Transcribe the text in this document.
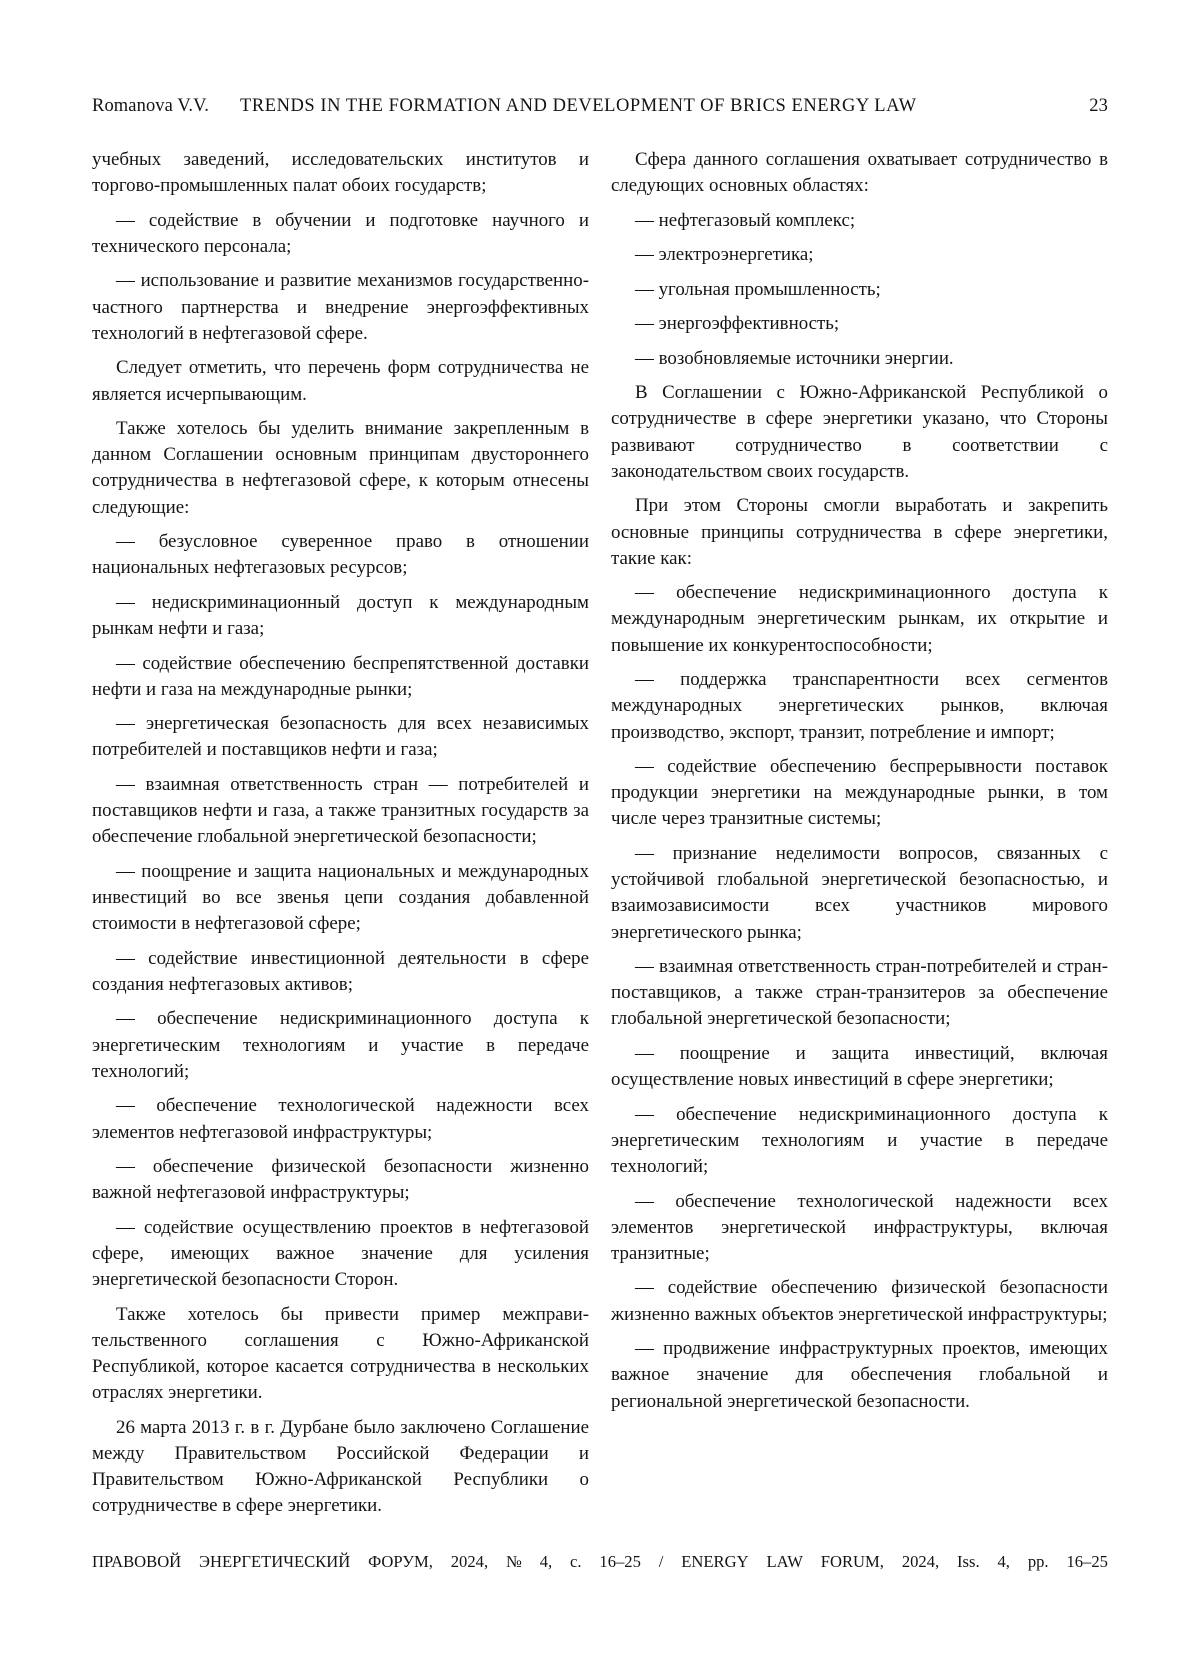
Romanova V.V. TRENDS IN THE FORMATION AND DEVELOPMENT OF BRICS ENERGY LAW	23

учебных заведений, исследовательских институтов и торгово-промышленных палат обоих государств;

— содействие в обучении и подготовке научного и технического персонала;

— использование и развитие механизмов государственно-частного партнерства и внедрение энергоэффективных технологий в нефтегазовой сфере.

Следует отметить, что перечень форм сотрудничества не является исчерпывающим.

Также хотелось бы уделить внимание закрепленным в данном Соглашении основным принципам двустороннего сотрудничества в нефтегазовой сфере, к которым отнесены следующие:

— безусловное суверенное право в отношении национальных нефтегазовых ресурсов;

— недискриминационный доступ к международным рынкам нефти и газа;

— содействие обеспечению беспрепятственной доставки нефти и газа на международные рынки;

— энергетическая безопасность для всех независимых потребителей и поставщиков нефти и газа;

— взаимная ответственность стран — потребителей и поставщиков нефти и газа, а также транзитных государств за обеспечение глобальной энергетической безопасности;

— поощрение и защита национальных и международных инвестиций во все звенья цепи создания добавленной стоимости в нефтегазовой сфере;

— содействие инвестиционной деятельности в сфере создания нефтегазовых активов;

— обеспечение недискриминационного доступа к энергетическим технологиям и участие в передаче технологий;

— обеспечение технологической надежности всех элементов нефтегазовой инфраструктуры;

— обеспечение физической безопасности жизненно важной нефтегазовой инфраструктуры;

— содействие осуществлению проектов в нефтегазовой сфере, имеющих важное значение для усиления энергетической безопасности Сторон.

Также хотелось бы привести пример межправительственного соглашения с Южно-Африканской Республикой, которое касается сотрудничества в нескольких отраслях энергетики.

26 марта 2013 г. в г. Дурбане было заключено Соглашение между Правительством Российской Федерации и Правительством Южно-Африканской Республики о сотрудничестве в сфере энергетики.

Сфера данного соглашения охватывает сотрудничество в следующих основных областях:

— нефтегазовый комплекс;

— электроэнергетика;

— угольная промышленность;

— энергоэффективность;

— возобновляемые источники энергии.

В Соглашении с Южно-Африканской Республикой о сотрудничестве в сфере энергетики указано, что Стороны развивают сотрудничество в соответствии с законодательством своих государств.

При этом Стороны смогли выработать и закрепить основные принципы сотрудничества в сфере энергетики, такие как:

— обеспечение недискриминационного доступа к международным энергетическим рынкам, их открытие и повышение их конкурентоспособности;

— поддержка транспарентности всех сегментов международных энергетических рынков, включая производство, экспорт, транзит, потребление и импорт;

— содействие обеспечению беспрерывности поставок продукции энергетики на международные рынки, в том числе через транзитные системы;

— признание неделимости вопросов, связанных с устойчивой глобальной энергетической безопасностью, и взаимозависимости всех участников мирового энергетического рынка;

— взаимная ответственность стран-потребителей и стран-поставщиков, а также стран-транзитеров за обеспечение глобальной энергетической безопасности;

— поощрение и защита инвестиций, включая осуществление новых инвестиций в сфере энергетики;

— обеспечение недискриминационного доступа к энергетическим технологиям и участие в передаче технологий;

— обеспечение технологической надежности всех элементов энергетической инфраструктуры, включая транзитные;

— содействие обеспечению физической безопасности жизненно важных объектов энергетической инфраструктуры;

— продвижение инфраструктурных проектов, имеющих важное значение для обеспечения глобальной и региональной энергетической безопасности.

ПРАВОВОЙ ЭНЕРГЕТИЧЕСКИЙ ФОРУМ, 2024, № 4, с. 16–25 / ENERGY LAW FORUM, 2024, Iss. 4, pp. 16–25
